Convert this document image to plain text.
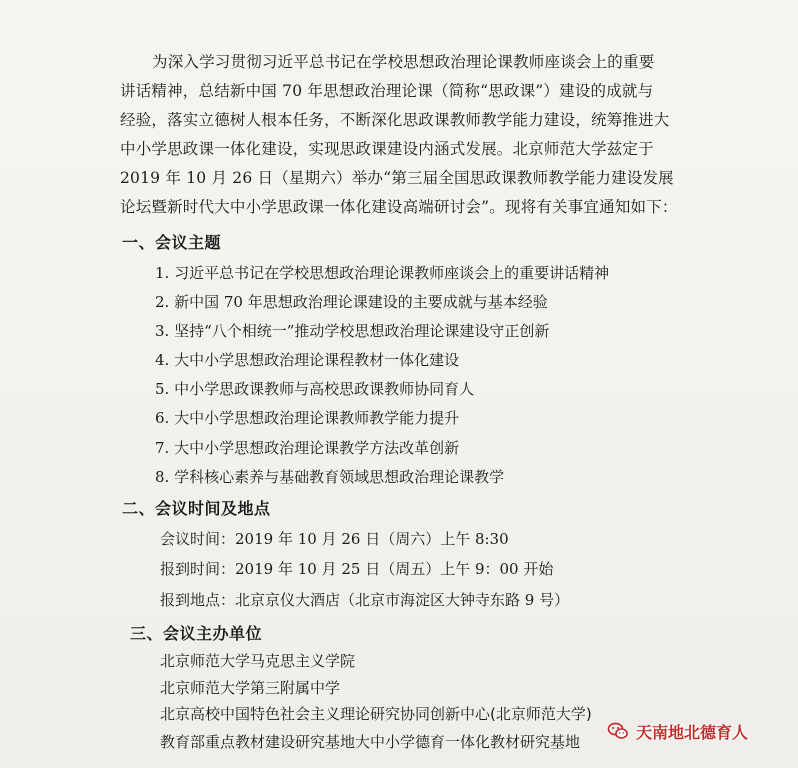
为深入学习贯彻习近平总书记在学校思想政治理论课教师座谈会上的重要
讲话精神，总结新中国 70 年思想政治理论课（简称“思政课”）建设的成就与
经验，落实立德树人根本任务，不断深化思政课教师教学能力建设，统筹推进大
中小学思政课一体化建设，实现思政课建设内涵式发展。北京师范大学兹定于
2019 年 10 月 26 日（星期六）举办“第三届全国思政课教师教学能力建设发展
论坛暨新时代大中小学思政课一体化建设高端研讨会”。现将有关事宜通知如下：
一、会议主题
1. 习近平总书记在学校思想政治理论课教师座谈会上的重要讲话精神
2. 新中国 70 年思想政治理论课建设的主要成就与基本经验
3. 坚持“八个相统一”推动学校思想政治理论课建设守正创新
4. 大中小学思想政治理论课程教材一体化建设
5. 中小学思政课教师与高校思政课教师协同育人
6. 大中小学思想政治理论课教师教学能力提升
7. 大中小学思想政治理论课教学方法改革创新
8. 学科核心素养与基础教育领域思想政治理论课教学
二、会议时间及地点
会议时间：2019 年 10 月 26 日（周六）上午 8:30
报到时间：2019 年 10 月 25 日（周五）上午 9：00 开始
报到地点：北京京仪大酒店（北京市海淀区大钟寺东路 9 号）
三、会议主办单位
北京师范大学马克思主义学院
北京师范大学第三附属中学
北京高校中国特色社会主义理论研究协同创新中心(北京师范大学)
教育部重点教材建设研究基地大中小学德育一体化教材研究基地
天南地北德育人
